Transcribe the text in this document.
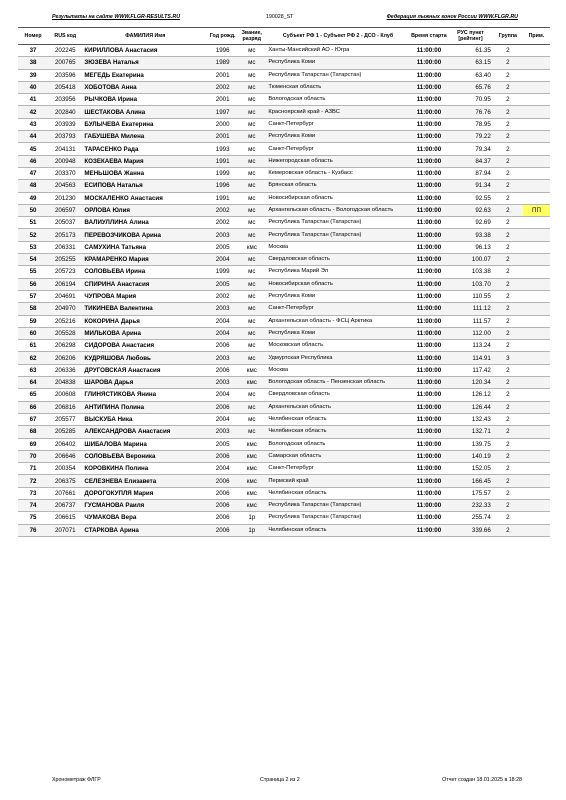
Результаты на сайте WWW.FLGR-RESULTS.RU	190028_ST	Федерация лыжных гонок России WWW.FLGR.RU
Номер	RUS код	ФАМИЛИЯ Имя	Год рожд.	Звание, разряд	Субъект РФ 1 - Субъект РФ 2 - ДСО - Клуб	Время старта	РУС пункт [рейтинг]	Группа	Прим.
37	202245	КИРИЛЛОВА Анастасия	1996	мс	Ханты-Мансийский АО - Югра	11:00:00	61.35	2	
38	200765	ЗЮЗЕВА Наталья	1989	мс	Республика Коми	11:00:00	63.15	2	
39	203596	МЕГЕДЬ Екатерина	2001	мс	Республика Татарстан (Татарстан)	11:00:00	63.40	2	
40	205418	ХОБОТОВА Анна	2002	мс	Тюменская область	11:00:00	65.76	2	
41	203956	РЫЧКОВА Ирина	2001	мс	Вологодская область	11:00:00	70.95	2	
42	202840	ШЕСТАКОВА Алина	1997	мс	Красноярский край - АЗВС	11:00:00	76.76	2	
43	203939	БУЛЫЧЕВА Екатерина	2000	мс	Санкт-Петербург	11:00:00	78.95	2	
44	203793	ГАБУШЕВА Милена	2001	мс	Республика Коми	11:00:00	79.22	2	
45	204131	ТАРАСЕНКО Рада	1993	мс	Санкт-Петербург	11:00:00	79.34	2	
46	200948	КОЗЕКАЕВА Мария	1991	мс	Нижегородская область	11:00:00	84.37	2	
47	203370	МЕНЬШОВА Жанна	1999	мс	Кемеровская область - Кузбасс	11:00:00	87.94	2	
48	204563	ЕСИПОВА Наталья	1996	мс	Брянская область	11:00:00	91.34	2	
49	201230	МОСКАЛЕНКО Анастасия	1991	мс	Новосибирская область	11:00:00	92.55	2	
50	206597	ОРЛОВА Юлия	2002	мс	Архангельская область - Вологодская область	11:00:00	92.63	2	ПП
51	205037	ВАЛИУЛЛИНА Алина	2002	мс	Республика Татарстан (Татарстан)	11:00:00	92.69	2	
52	205173	ПЕРЕВОЗЧИКОВА Арина	2003	мс	Республика Татарстан (Татарстан)	11:00:00	93.38	2	
53	206331	САМУХИНА Татьяна	2005	кмс	Москва	11:00:00	96.13	2	
54	205255	КРАМАРЕНКО Мария	2004	мс	Свердловская область	11:00:00	100.07	2	
55	205723	СОЛОВЬЕВА Ирина	1999	мс	Республика Марий Эл	11:00:00	103.38	2	
56	206194	СПИРИНА Анастасия	2005	мс	Новосибирская область	11:00:00	103.70	2	
57	204691	ЧУПРОВА Мария	2002	мс	Республика Коми	11:00:00	110.55	2	
58	204970	ТИКИНЕВА Валентина	2003	мс	Санкт-Петербург	11:00:00	111.12	2	
59	205216	КОКОРИНА Дарья	2004	мс	Архангельская область - ФСЦ Арктика	11:00:00	111.57	2	
60	205528	МИЛЬКОВА Арина	2004	мс	Республика Коми	11:00:00	112.00	2	
61	206298	СИДОРОВА Анастасия	2006	мс	Московская область	11:00:00	113.24	2	
62	206206	КУДРЯШОВА Любовь	2003	мс	Удмуртская Республика	11:00:00	114.91	3	
63	206336	ДРУГОВСКАЯ Анастасия	2006	кмс	Москва	11:00:00	117.42	2	
64	204838	ШАРОВА Дарья	2003	кмс	Вологодская область - Пензенская область	11:00:00	120.34	2	
65	200608	ГЛИНЯСТИКОВА Янина	2004	мс	Свердловская область	11:00:00	126.12	2	
66	206816	АНТИПИНА Полина	2006	мс	Архангельская область	11:00:00	126.44	2	
67	205577	ВЫСКУБА Ника	2004	мс	Челябинская область	11:00:00	132.43	2	
68	205285	АЛЕКСАНДРОВА Анастасия	2003	мс	Челябинская область	11:00:00	132.71	2	
69	206402	ШИБАЛОВА Марина	2005	кмс	Вологодская область	11:00:00	139.75	2	
70	206646	СОЛОВЬЕВА Вероника	2006	кмс	Самарская область	11:00:00	140.19	2	
71	200354	КОРОВКИНА Полина	2004	кмс	Санкт-Петербург	11:00:00	152.05	2	
72	206375	СЕЛЕЗНЕВА Елизавета	2006	кмс	Пермский край	11:00:00	166.45	2	
73	207661	ДОРОГОКУПЛЯ Мария	2006	кмс	Челябинская область	11:00:00	175.57	2	
74	206737	ГУСМАНОВА Раиля	2006	кмс	Республика Татарстан (Татарстан)	11:00:00	232.33	2	
75	206615	ЧУМАКОВА Вера	2006	1р	Республика Татарстан (Татарстан)	11:00:00	255.74	2	
76	207071	СТАРКОВА Арина	2006	1р	Челябинская область	11:00:00	339.66	2	
Хронометраж ФЛГР	Страница 2 из 2	Отчет создан 18.01.2025 в 18:28
